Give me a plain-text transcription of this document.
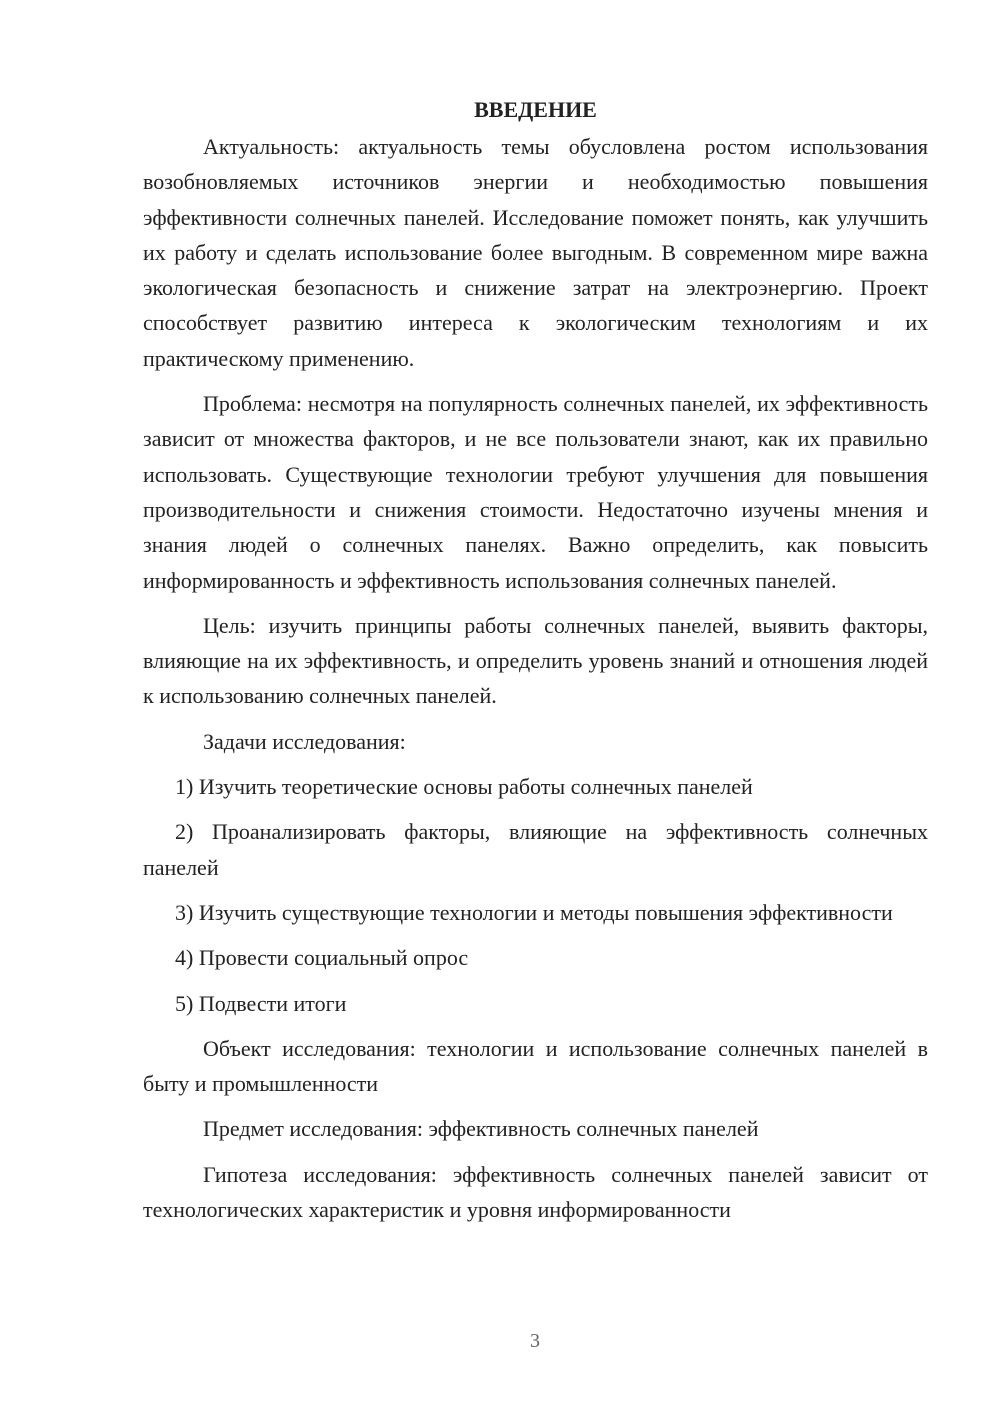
ВВЕДЕНИЕ

Актуальность: актуальность темы обусловлена ростом использования возобновляемых источников энергии и необходимостью повышения эффективности солнечных панелей. Исследование поможет понять, как улучшить их работу и сделать использование более выгодным. В современном мире важна экологическая безопасность и снижение затрат на электроэнергию. Проект способствует развитию интереса к экологическим технологиям и их практическому применению.

Проблема: несмотря на популярность солнечных панелей, их эффективность зависит от множества факторов, и не все пользователи знают, как их правильно использовать. Существующие технологии требуют улучшения для повышения производительности и снижения стоимости. Недостаточно изучены мнения и знания людей о солнечных панелях. Важно определить, как повысить информированность и эффективность использования солнечных панелей.

Цель: изучить принципы работы солнечных панелей, выявить факторы, влияющие на их эффективность, и определить уровень знаний и отношения людей к использованию солнечных панелей.

Задачи исследования:

1) Изучить теоретические основы работы солнечных панелей

2) Проанализировать факторы, влияющие на эффективность солнечных панелей

3) Изучить существующие технологии и методы повышения эффективности

4) Провести социальный опрос

5) Подвести итоги

Объект исследования: технологии и использование солнечных панелей в быту и промышленности

Предмет исследования: эффективность солнечных панелей

Гипотеза исследования: эффективность солнечных панелей зависит от технологических характеристик и уровня информированности

3
